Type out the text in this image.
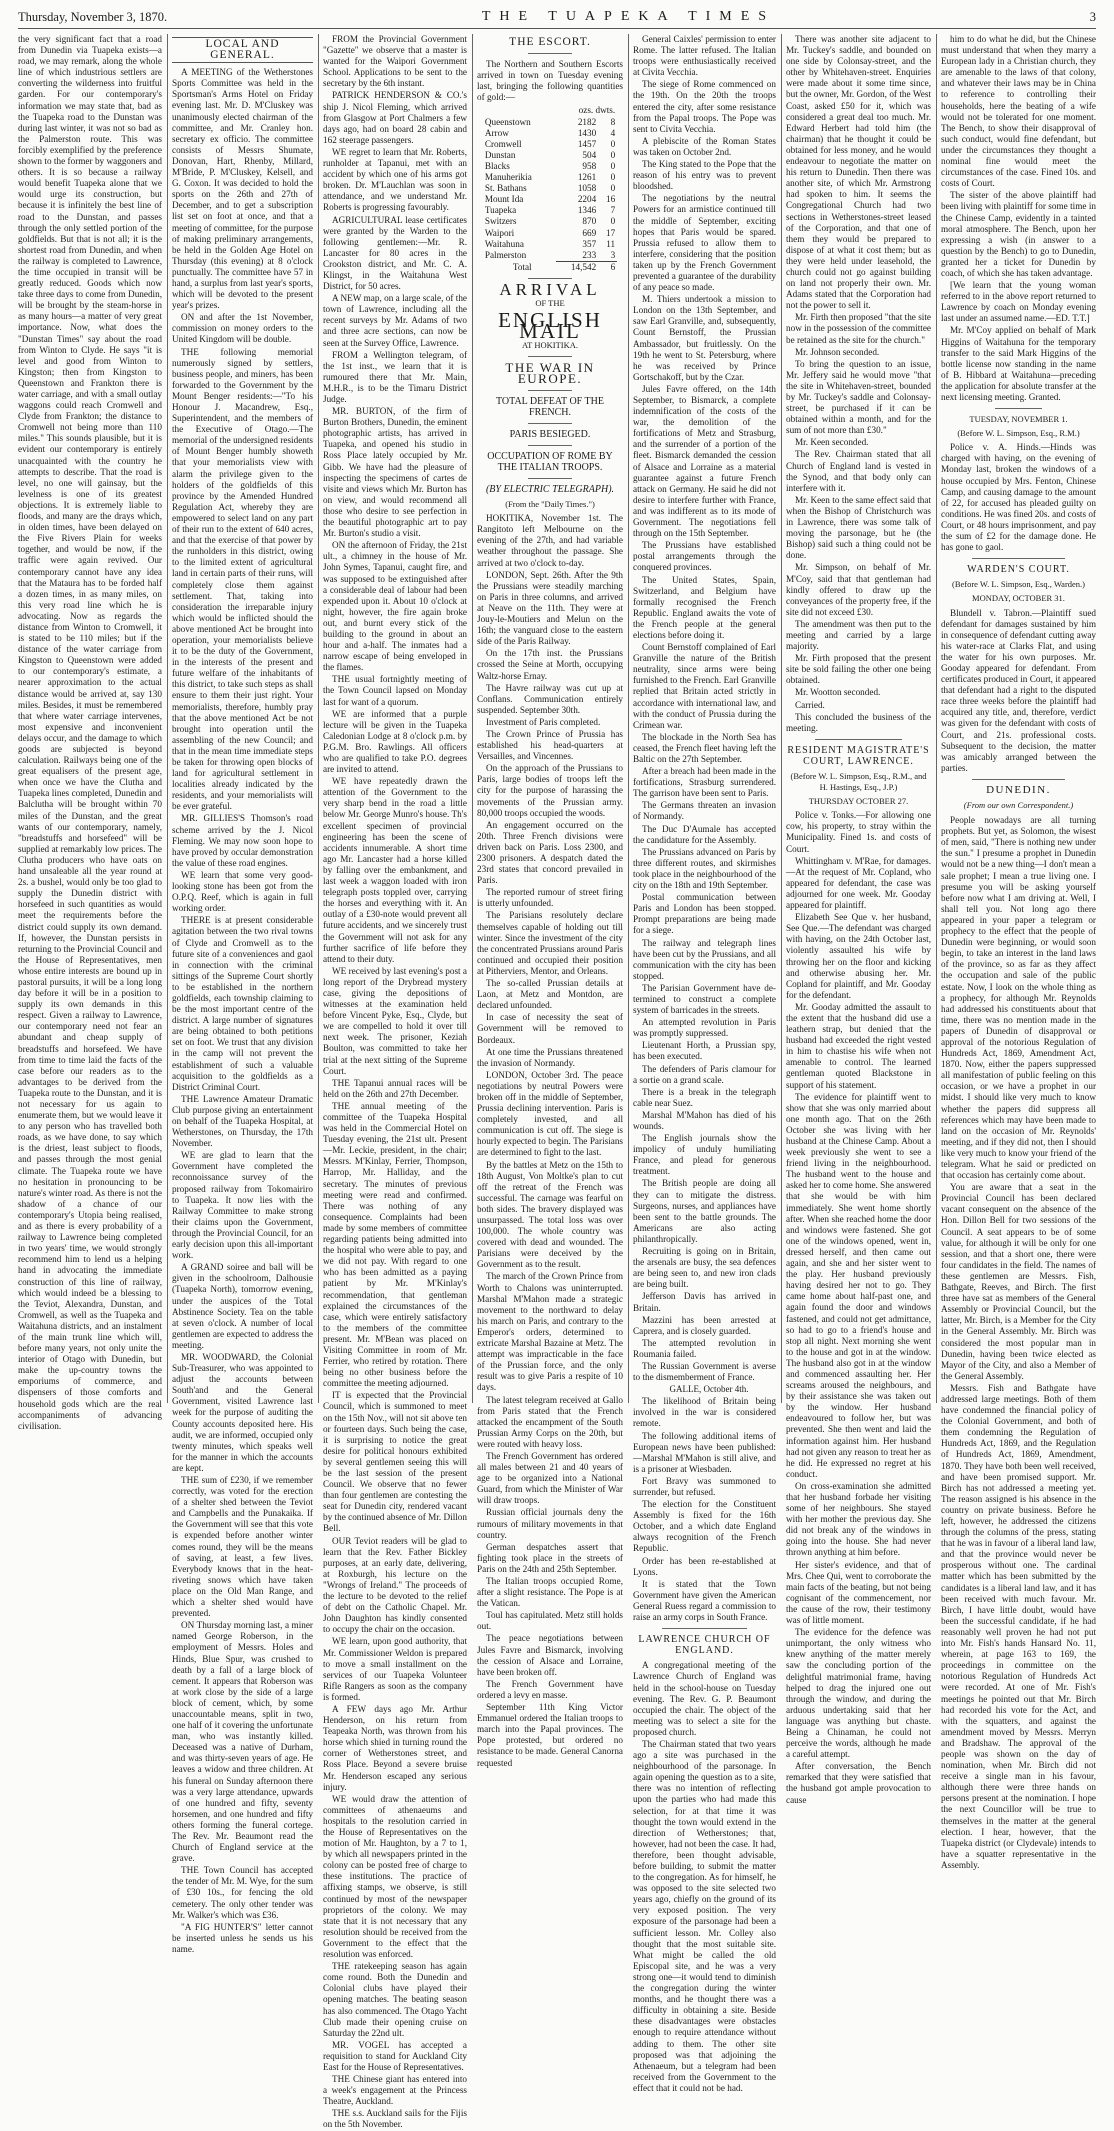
Thursday, November 3, 1870.	THE TUAPEKA TIMES	3

the very significant fact that a road from Dunedin via Tuapeka exists—a road, we may remark, along the whole line of which industrious settlers are converting the wilderness into fruitful garden. For our contemporary's information we may state that, bad as the Tuapeka road to the Dunstan was during last winter, it was not so bad as the Palmerston route. This was forcibly exemplified by the preference shown to the former by waggoners and others. It is so because a railway would benefit Tuapeka alone that we would urge its construction, but because it is infinitely the best line of road to the Dunstan, and passes through the only settled portion of the goldfields. But that is not all; it is the shortest road from Dunedin, and when the railway is completed to Lawrence, the time occupied in transit will be greatly reduced. Goods which now take three days to come from Dunedin, will be brought by the steam-horse in as many hours—a matter of very great importance. Now, what does the "Dunstan Times" say about the road from Winton to Clyde. He says "it is level and good from Winton to Kingston; then from Kingston to Queenstown and Frankton there is water carriage, and with a small outlay waggons could reach Cromwell and Clyde from Frankton; the distance to Cromwell not being more than 110 miles." This sounds plausible, but it is evident our contemporary is entirely unacquainted with the country he attempts to describe. That the road is level, no one will gainsay, but the levelness is one of its greatest objections. It is extremely liable to floods, and many are the drays which, in olden times, have been delayed on the Five Rivers Plain for weeks together, and would be now, if the traffic were again revived. Our contemporary cannot have any idea that the Mataura has to be forded half a dozen times, in as many miles, on this very road line which he is advocating. Now as regards the distance from Winton to Cromwell, it is stated to be 110 miles; but if the distance of the water carriage from Kingston to Queenstown were added to our contemporary's estimate, a nearer approximation to the actual distance would be arrived at, say 130 miles. Besides, it must be remembered that where water carriage intervenes, most expensive and inconvenient delays occur, and the damage to which goods are subjected is beyond calculation. Railways being one of the great equalisers of the present age, when once we have the Clutha and Tuapeka lines completed, Dunedin and Balclutha will be brought within 70 miles of the Dunstan, and the great wants of our contemporary, namely, "breadstuffs and horsefeed" will be supplied at remarkably low prices. The Clutha producers who have oats on hand unsaleable all the year round at 2s. a bushel, would only be too glad to supply the Dunedin district with horsefeed in such quantities as would meet the requirements before the district could supply its own demand. If, however, the Dunstan persists in returning to the Provincial Council and the House of Representatives, men whose entire interests are bound up in pastoral pursuits, it will be a long long day before it will be in a position to supply its own demands in this respect. Given a railway to Lawrence, our contemporary need not fear an abundant and cheap supply of breadstuffs and horsefeed. We have from time to time laid the facts of the case before our readers as to the advantages to be derived from the Tuapeka route to the Dunstan, and it is not necessary for us again to enumerate them, but we would leave it to any person who has travelled both roads, as we have done, to say which is the driest, least subject to floods, and passes through the most genial climate. The Tuapeka route we have no hesitation in pronouncing to be nature's winter road. As there is not the shadow of a chance of our contemporary's Utopia being realised, and as there is every probability of a railway to Lawrence being completed in two years' time, we would strongly recommend him to lend us a helping hand in advocating the immediate construction of this line of railway, which would indeed be a blessing to the Teviot, Alexandra, Dunstan, and Cromwell, as well as the Tuapeka and Waitahuna districts, and an instalment of the main trunk line which will, before many years, not only unite the interior of Otago with Dunedin, but make the up-country towns the emporiums of commerce, and dispensers of those comforts and household gods which are the real accompaniments of advancing civilisation.

LOCAL AND GENERAL.

A MEETING of the Wetherstones Sports Committee was held in the Sportsman's Arms Hotel on Friday evening last. Mr. D. M'Cluskey was unanimously elected chairman of the committee, and Mr. Cranley hon. secretary ex officio. The committee consists of Messrs Shumate, Donovan, Hart, Rhenby, Millard, M'Bride, P. M'Cluskey, Kelsell, and G. Coxon. It was decided to hold the sports on the 26th and 27th of December, and to get a subscription list set on foot at once, and that a meeting of committee, for the purpose of making preliminary arrangements, be held in the Golden Age Hotel on Thursday (this evening) at 8 o'clock punctually. The committee have 57 in hand, a surplus from last year's sports, which will be devoted to the present year's prizes.

ON and after the 1st November, commission on money orders to the United Kingdom will be double.

THE following memorial numerously signed by settlers, business people, and miners, has been forwarded to the Government by the Mount Benger residents:—"To his Honour J. Macandrew, Esq., Superintendent, and the members of the Executive of Otago.—The memorial of the undersigned residents of Mount Benger humbly showeth that your memorialists view with alarm the privilege given to the holders of the goldfields of this province by the Amended Hundred Regulation Act, whereby they are empowered to select land on any part of their run to the extent of 640 acres, and that the exercise of that power by the runholders in this district, owing to the limited extent of agricultural land in certain parts of their runs, will completely close them against settlement. That, taking into consideration the irreparable injury which would be inflicted should the above mentioned Act be brought into operation, your memorialists believe it to be the duty of the Government, in the interests of the present and future welfare of the inhabitants of this district, to take such steps as shall ensure to them their just right. Your memorialists, therefore, humbly pray that the above mentioned Act be not brought into operation until the assembling of the new Council; and that in the mean time immediate steps be taken for throwing open blocks of land for agricultural settlement in localities already indicated by the residents, and your memorialists will be ever grateful.

MR. GILLIES'S Thomson's road scheme arrived by the J. Nicol Fleming. We may now soon hope to have proved by occular demonstration the value of these road engines.

WE learn that some very good-looking stone has been got from the O.P.Q. Reef, which is again in full working order.

THERE is at present considerable agitation between the two rival towns of Clyde and Cromwell as to the future site of a conveniences and gaol in connection with the criminal sittings of the Supreme Court shortly to be established in the northern goldfields, each township claiming to be the most important centre of the district. A large number of signatures are being obtained to both petitions set on foot. We trust that any division in the camp will not prevent the establishment of such a valuable acquisition to the goldfields as a District Criminal Court.

THE Lawrence Amateur Dramatic Club purpose giving an entertainment on behalf of the Tuapeka Hospital, at Wetherstones, on Thursday, the 17th November.

WE are glad to learn that the Government have completed the reconnoissance survey of the proposed railway from Tokomairiro to Tuapeka. It now lies with the Railway Committee to make strong their claims upon the Government, through the Provincial Council, for an early decision upon this all-important work.

A GRAND soiree and ball will be given in the schoolroom, Dalhousie (Tuapeka North), tomorrow evening, under the auspices of the Total Abstinence Society. Tea on the table at seven o'clock. A number of local gentlemen are expected to address the meeting.

MR. WOODWARD, the Colonial Sub-Treasurer, who was appointed to adjust the accounts between South'and and the General Government, visited Lawrence last week for the purpose of auditing the County accounts deposited here. His audit, we are informed, occupied only twenty minutes, which speaks well for the manner in which the accounts are kept.

THE sum of £230, if we remember correctly, was voted for the erection of a shelter shed between the Teviot and Campbells and the Punakaika. If the Government will see that this vote is expended before another winter comes round, they will be the means of saving, at least, a few lives. Everybody knows that in the heat-riveting snows which have taken place on the Old Man Range, and which a shelter shed would have prevented.

ON Thursday morning last, a miner named George Roberson, in the employment of Messrs. Holes and Hinds, Blue Spur, was crushed to death by a fall of a large block of cement. It appears that Roberson was at work close by the side of a large block of cement, which, by some unaccountable means, split in two, one half of it covering the unfortunate man, who was instantly killed. Deceased was a native of Durham, and was thirty-seven years of age. He leaves a widow and three children. At his funeral on Sunday afternoon there was a very large attendance, upwards of one hundred and fifty, seventy horsemen, and one hundred and fifty others forming the funeral cortege. The Rev. Mr. Beaumont read the Church of England service at the grave.

THE Town Council has accepted the tender of Mr. M. Wye, for the sum of £30 10s., for fencing the old cemetery. The only other tender was Mr. Walker's which was £36.

"A FIG HUNTER'S" letter cannot be inserted unless he sends us his name.

FROM the Provincial Government "Gazette" we observe that a master is wanted for the Waipori Government School. Applications to be sent to the secretary by the 6th instant.

PATRICK HENDERSON & CO.'s ship J. Nicol Fleming, which arrived from Glasgow at Port Chalmers a few days ago, had on board 28 cabin and 162 steerage passengers.

WE regret to learn that Mr. Roberts, runholder at Tapanui, met with an accident by which one of his arms got broken. Dr. M'Lauchlan was soon in attendance, and we understand Mr. Roberts is progressing favourably.

AGRICULTURAL lease certificates were granted by the Warden to the following gentlemen:—Mr. R. Lancaster for 80 acres in the Crookston district, and Mr. C. A. Klingst, in the Waitahuna West District, for 50 acres.

A NEW map, on a large scale, of the town of Lawrence, including all the recent surveys by Mr. Adams of two and three acre sections, can now be seen at the Survey Office, Lawrence.

FROM a Wellington telegram, of the 1st inst., we learn that it is rumoured there that Mr. Main, M.H.R., is to be the Timaru District Judge.

MR. BURTON, of the firm of Burton Brothers, Dunedin, the eminent photographic artists, has arrived in Tuapeka, and opened his studio in Ross Place lately occupied by Mr. Gibb. We have had the pleasure of inspecting the specimens of cartes de visite and views which Mr. Burton has on view, and would recommend all those who desire to see perfection in the beautiful photographic art to pay Mr. Burton's studio a visit.

ON the afternoon of Friday, the 21st ult., a chimney in the house of Mr. John Symes, Tapanui, caught fire, and was supposed to be extinguished after a considerable deal of labour had been expended upon it. About 10 o'clock at night, however, the fire again broke out, and burnt every stick of the building to the ground in about an hour and a-half. The inmates had a narrow escape of being enveloped in the flames.

THE usual fortnightly meeting of the Town Council lapsed on Monday last for want of a quorum.

WE are informed that a purple lecture will be given in the Tuapeka Caledonian Lodge at 8 o'clock p.m. by P.G.M. Bro. Rawlings. All officers who are qualified to take P.O. degrees are invited to attend.

WE have repeatedly drawn the attention of the Government to the very sharp bend in the road a little below Mr. George Munro's house. Th's excellent specimen of provincial engineering has been the scene of accidents innumerable. A short time ago Mr. Lancaster had a horse killed by falling over the embankment, and last week a waggon loaded with iron telegraph posts toppled over, carrying the horses and everything with it. An outlay of a £30-note would prevent all future accidents, and we sincerely trust the Government will not ask for any further sacrifice of life before they attend to their duty.

WE received by last evening's post a long report of the Drybread mystery case, giving the depositions of witnesses at the examination held before Vincent Pyke, Esq., Clyde, but we are compelled to hold it over till next week. The prisoner, Keziah Boulton, was committed to take her trial at the next sitting of the Supreme Court.

THE Tapanui annual races will be held on the 26th and 27th December.

THE annual meeting of the committee of the Tuapeka Hospital was held in the Commercial Hotel on Tuesday evening, the 21st ult. Present—Mr. Leckie, president, in the chair; Messrs. M'Kinlay, Ferrier, Thompson, Harrop, Mr. Halliday, and the secretary. The minutes of previous meeting were read and confirmed. There was nothing of any consequence. Complaints had been made by some members of committee regarding patients being admitted into the hospital who were able to pay, and we did not pay. With regard to one who has been admitted as a paying patient by Mr. M'Kinlay's recommendation, that gentleman explained the circumstances of the case, which were entirely satisfactory to the members of the committee present. Mr. M'Bean was placed on Visiting Committee in room of Mr. Ferrier, who retired by rotation. There being no other business before the committee the meeting adjourned.

IT is expected that the Provincial Council, which is summoned to meet on the 15th Nov., will not sit above ten or fourteen days. Such being the case, it is surprising to notice the great desire for political honours exhibited by several gentlemen seeing this will be the last session of the present Council. We observe that no fewer than four gentlemen are contesting the seat for Dunedin city, rendered vacant by the continued absence of Mr. Dillon Bell.

OUR Teviot readers will be glad to learn that the Rev. Father Bickley purposes, at an early date, delivering, at Roxburgh, his lecture on the "Wrongs of Ireland." The proceeds of the lecture to be devoted to the relief of debt on the Catholic Chapel. Mr. John Daughton has kindly consented to occupy the chair on the occasion.

WE learn, upon good authority, that Mr. Commissioner Weldon is prepared to move a small installment on the services of our Tuapeka Volunteer Rifle Rangers as soon as the company is formed.

A FEW days ago Mr. Arthur Henderson, on his return from Teapeaka North, was thrown from his horse which shied in turning round the corner of Wetherstones street, and Ross Place. Beyond a severe bruise Mr. Henderson escaped any serious injury.

WE would draw the attention of committees of athenaeums and hospitals to the resolution carried in the House of Representatives on the motion of Mr. Haughton, by a 7 to 1, by which all newspapers printed in the colony can be posted free of charge to these institutions. The practice of affixing stamps, we observe, is still continued by most of the newspaper proprietors of the colony. We may state that it is not necessary that any resolution should be received from the Government to the effect that the resolution was enforced.

THE ratekeeping season has again come round. Both the Dunedin and Colonial clubs have played their opening matches. The beating season has also commenced. The Otago Yacht Club made their opening cruise on Saturday the 22nd ult.

MR. VOGEL has accepted a requisition to stand for Auckland City East for the House of Representatives.

THE Chinese giant has entered into a week's engagement at the Princess Theatre, Auckland.

THE s.s. Auckland sails for the Fijis on the 5th November.

THE ESCORT.

The Northern and Southern Escorts arrived in town on Tuesday evening last, bringing the following quantities of gold:—

	ozs. dwts.	
Queenstown	2182	8
Arrow	1430	4
Cromwell	1457	0
Dunstan	504	0
Blacks	958	0
Manuherikia	1261	0
St. Bathans	1058	0
Mount Ida	2204	16
Tuapeka	1346	7
Switzers	870	0
Waipori	669	17
Waitahuna	357	11
Palmerston	233	3
Total	14,542	6
ARRIVAL
OF THE
ENGLISH MAIL
AT HOKITIKA.
THE WAR IN EUROPE.
TOTAL DEFEAT OF THE FRENCH.
PARIS BESIEGED.
OCCUPATION OF ROME BY THE ITALIAN TROOPS.
(BY ELECTRIC TELEGRAPH).
(From the "Daily Times.")

HOKITIKA, November 1st. The Rangitoto left Melbourne on the evening of the 27th, and had variable weather throughout the passage. She arrived at two o'clock to-day.

LONDON, Sept. 26th. After the 9th the Prussians were steadily marching on Paris in three columns, and arrived at Neave on the 11th. They were at Jouy-le-Moutiers and Melun on the 16th; the vanguard close to the eastern side of the Paris Railway.

On the 17th inst. the Prussians crossed the Seine at Morth, occupying Waltz-horse Ernay.

The Havre railway was cut up at Conflans. Communication entirely suspended. September 30th.

Investment of Paris completed.

The Crown Prince of Prussia has established his head-quarters at Versailles, and Vincennes.

On the approach of the Prussians to Paris, large bodies of troops left the city for the purpose of harassing the movements of the Prussian army. 80,000 troops occupied the woods.

An engagement occurred on the 20th. Three French divisions were driven back on Paris. Loss 2300, and 2300 prisoners. A despatch dated the 23rd states that concord prevailed in Paris.

The reported rumour of street firing is utterly unfounded.

The Parisians resolutely declare themselves capable of holding out till winter. Since the investment of the city the concentrated Prussians around Paris continued and occupied their position at Pitherviers, Mentor, and Orleans.

The so-called Prussian details at Laon, at Metz and Montdon, are declared unfounded.

In case of necessity the seat of Government will be removed to Bordeaux.

At one time the Prussians threatened the invasion of Normandy.

LONDON, October 3rd. The peace negotiations by neutral Powers were broken off in the middle of September, Prussia declining intervention. Paris is completely invested, and all communication is cut off. The siege is hourly expected to begin. The Parisians are determined to fight to the last.

By the battles at Metz on the 15th to 18th August, Von Moltke's plan to cut off the retreat of the French was successful. The carnage was fearful on both sides. The bravery displayed was unsurpassed. The total loss was over 100,000. The whole country was covered with dead and wounded. The Parisians were deceived by the Government as to the result.

The march of the Crown Prince from Worth to Chalons was uninterrupted. Marshal M'Mahon made a strategic movement to the northward to delay his march on Paris, and contrary to the Emperor's orders, determined to extricate Marshal Bazaine at Metz. The attempt was impracticable in the face of the Prussian force, and the only result was to give Paris a respite of 10 days.

The latest telegram received at Gallo from Paris stated that the French attacked the encampment of the South Prussian Army Corps on the 20th, but were routed with heavy loss.

The French Government has ordered all males between 21 and 40 years of age to be organized into a National Guard, from which the Minister of War will draw troops.

Russian official journals deny the rumours of military movements in that country.

German despatches assert that fighting took place in the streets of Paris on the 24th and 25th September.

The Italian troops occupied Rome, after a slight resistance. The Pope is at the Vatican.

Toul has capitulated. Metz still holds out.

The peace negotiations between Jules Favre and Bismarck, involving the cession of Alsace and Lorraine, have been broken off.

The French Government have ordered a levy en masse.

September 11th King Victor Emmanuel ordered the Italian troops to march into the Papal provinces. The Pope protested, but ordered no resistance to be made. General Canorna requested

General Caixles' permission to enter Rome. The latter refused. The Italian troops were enthusiastically received at Civita Vecchia.

The siege of Rome commenced on the 19th. On the 20th the troops entered the city, after some resistance from the Papal troops. The Pope was sent to Civita Vecchia.

A plebiscite of the Roman States was taken on October 2nd.

The King stated to the Pope that the reason of his entry was to prevent bloodshed.

The negotiations by the neutral Powers for an armistice continued till the middle of September, exciting hopes that Paris would be spared. Prussia refused to allow them to interfere, considering that the position taken up by the French Government prevented a guarantee of the durability of any peace so made.

M. Thiers undertook a mission to London on the 13th September, and saw Earl Granville, and, subsequently, Count Bernstoff, the Prussian Ambassador, but fruitlessly. On the 19th he went to St. Petersburg, where he was received by Prince Gortschakoff, but by the Czar.

Jules Favre offered, on the 14th September, to Bismarck, a complete indemnification of the costs of the war, the demolition of the fortifications of Metz and Strasburg, and the surrender of a portion of the fleet. Bismarck demanded the cession of Alsace and Lorraine as a material guarantee against a future French attack on Germany. He said he did not desire to interfere further with France, and was indifferent as to its mode of Government. The negotiations fell through on the 15th September.

The Prussians have established postal arrangements through the conquered provinces.

The United States, Spain, Switzerland, and Belgium have formally recognised the French Republic. England awaits the vote of the French people at the general elections before doing it.

Count Bernstoff complained of Earl Granville the nature of the British neutrality, since arms were being furnished to the French. Earl Granville replied that Britain acted strictly in accordance with international law, and with the conduct of Prussia during the Crimean war.

The blockade in the North Sea has ceased, the French fleet having left the Baltic on the 27th September.

After a breach had been made in the fortifications, Strasburg surrendered. The garrison have been sent to Paris.

The Germans threaten an invasion of Normandy.

The Duc D'Aumale has accepted the candidature for the Assembly.

The Prussians advanced on Paris by three different routes, and skirmishes took place in the neighbourhood of the city on the 18th and 19th September.

Postal communication between Paris and London has been stopped. Prompt preparations are being made for a siege.

The railway and telegraph lines have been cut by the Prussians, and all communication with the city has been stopped.

The Parisian Government have de-termined to construct a complete system of barricades in the streets.

An attempted revolution in Paris was promptly suppressed.

Lieutenant Horth, a Prussian spy, has been executed.

The defenders of Paris clamour for a sortie on a grand scale.

There is a break in the telegraph cable near Suez.

Marshal M'Mahon has died of his wounds.

The English journals show the impolicy of unduly humiliating France, and plead for generous treatment.

The British people are doing all they can to mitigate the distress. Surgeons, nurses, and appliances have been sent to the battle grounds. The Americans are also acting philanthropically.

Recruiting is going on in Britain, the arsenals are busy, the sea defences are being seen to, and new iron clads are being built.

Jefferson Davis has arrived in Britain.

Mazzini has been arrested at Caprera, and is closely guarded.

The attempted revolution in Roumania failed.

The Russian Government is averse to the dismemberment of France.

GALLE, October 4th.

The likelihood of Britain being involved in the war is considered remote.

The following additional items of European news have been published:—Marshal M'Mahon is still alive, and is a prisoner at Wiesbaden.

Fort Bravy was summoned to surrender, but refused.

The election for the Constituent Assembly is fixed for the 16th October, and a which date England always recognition of the French Republic.

Order has been re-established at Lyons.

It is stated that the Town Government have given the American General Ruess regard a commission to raise an army corps in South France.

LAWRENCE CHURCH OF ENGLAND.

A congregational meeting of the Lawrence Church of England was held in the school-house on Tuesday evening. The Rev. G. P. Beaumont occupied the chair. The object of the meeting was to select a site for the proposed church.

The Chairman stated that two years ago a site was purchased in the neighbourhood of the parsonage. In again opening the question as to a site, there was no intention of reflecting upon the parties who had made this selection, for at that time it was thought the town would extend in the direction of Wetherstones; that, however, had not been the case. It had, therefore, been thought advisable, before building, to submit the matter to the congregation. As for himself, he was opposed to the site selected two years ago, chiefly on the ground of its very exposed position. The very exposure of the parsonage had been a sufficient lesson. Mr. Colley also thought that the most suitable site. What might be called the old Episcopal site, and he was a very strong one—it would tend to diminish the congregation during the winter months, and he thought there was a difficulty in obtaining a site. Beside these disadvantages were obstacles enough to require attendance without adding to them. The other site proposed was that adjoining the Athenaeum, but a telegram had been received from the Government to the effect that it could not be had.

There was another site adjacent to Mr. Tuckey's saddle, and bounded on one side by Colonsay-street, and the other by Whitehaven-street. Enquiries were made about it some time since, but the owner, Mr. Gordon, of the West Coast, asked £50 for it, which was considered a great deal too much. Mr. Edward Herbert had told him (the chairman) that he thought it could be obtained for less money, and he would endeavour to negotiate the matter on his return to Dunedin. Then there was another site, of which Mr. Armstrong had spoken to him. It seems the Congregational Church had two sections in Wetherstones-street leased of the Corporation, and that one of them they would be prepared to dispose of at what it cost them; but as they were held under leasehold, the church could not go against building on land not properly their own. Mr. Adams stated that the Corporation had not the power to sell it.

Mr. Firth then proposed "that the site now in the possession of the committee be retained as the site for the church."

Mr. Johnson seconded.

To bring the question to an issue, Mr. Jeffery said he would move "that the site in Whitehaven-street, bounded by Mr. Tuckey's saddle and Colonsay-street, be purchased if it can be obtained within a month, and for the sum of not more than £30."

Mr. Keen seconded.

The Rev. Chairman stated that all Church of England land is vested in the Synod, and that body only can interfere with it.

Mr. Keen to the same effect said that when the Bishop of Christchurch was in Lawrence, there was some talk of moving the parsonage, but he (the Bishop) said such a thing could not be done.

Mr. Simpson, on behalf of Mr. M'Coy, said that that gentleman had kindly offered to draw up the conveyances of the property free, if the site did not exceed £30.

The amendment was then put to the meeting and carried by a large majority.

Mr. Firth proposed that the present site be sold failing the other one being obtained.

Mr. Wootton seconded.

Carried.

This concluded the business of the meeting.

RESIDENT MAGISTRATE'S COURT, LAWRENCE.
(Before W. L. Simpson, Esq., R.M., and H. Hastings, Esq., J.P.)
THURSDAY OCTOBER 27.

Police v. Tonks.—For allowing one cow, his property, to stray within the Municipality. Fined 1s. and costs of Court.

Whittingham v. M'Rae, for damages. —At the request of Mr. Copland, who appeared for defendant, the case was adjourned for one week. Mr. Gooday appeared for plaintiff.

Elizabeth See Que v. her husband, See Que.—The defendant was charged with having, on the 24th October last, violently assaulted his wife by throwing her on the floor and kicking and otherwise abusing her. Mr. Copland for plaintiff, and Mr. Gooday for the defendant.

Mr. Gooday admitted the assault to the extent that the husband did use a leathern strap, but denied that the husband had exceeded the right vested in him to chastise his wife when not amenable to control. The learned gentleman quoted Blackstone in support of his statement.

The evidence for plaintiff went to show that she was only married about one month ago. That on the 26th October she was living with her husband at the Chinese Camp. About a week previously she went to see a friend living in the neighbourhood. The husband went to the house and asked her to come home. She answered that she would be with him immediately. She went home shortly after. When she reached home the door and windows were fastened. She got one of the windows opened, went in, dressed herself, and then came out again, and she and her sister went to the play. Her husband previously having desired her not to go. They came home about half-past one, and again found the door and windows fastened, and could not get admittance, so had to go to a friend's house and stop all night. Next morning she went to the house and got in at the window. The husband also got in at the window and commenced assaulting her. Her screams aroused the neighbours, and by their assistance she was taken out by the window. Her husband endeavoured to follow her, but was prevented. She then went and laid the information against him. Her husband had not given any reason to treat her as he did. He expressed no regret at his conduct.

On cross-examination she admitted that her husband forbade her visiting some of her neighbours. She stayed with her mother the previous day. She did not break any of the windows in going into the house. She had never thrown anything at him before.

Her sister's evidence, and that of Mrs. Chee Qui, went to corroborate the main facts of the beating, but not being cognisant of the commencement, nor the cause of the row, their testimony was of little moment.

The evidence for the defence was unimportant, the only witness who knew anything of the matter merely saw the concluding portion of the delightful matrimonial frame, having helped to drag the injured one out through the window, and during the arduous undertaking said that her language was anything but chaste. Being a Chinaman, he could not perceive the words, although he made a careful attempt.

After conversation, the Bench remarked that they were satisfied that the husband got ample provocation to cause

him to do what he did, but the Chinese must understand that when they marry a European lady in a Christian church, they are amenable to the laws of that colony, and whatever their laws may be in China to reference to controlling their households, here the beating of a wife would not be tolerated for one moment. The Bench, to show their disapproval of such conduct, would fine defendant, but under the circumstances they thought a nominal fine would meet the circumstances of the case. Fined 10s. and costs of Court.

The sister of the above plaintiff had been living with plaintiff for some time in the Chinese Camp, evidently in a tainted moral atmosphere. The Bench, upon her expressing a wish (in answer to a question by the Bench) to go to Dunedin, granted her a ticket for Dunedin by coach, of which she has taken advantage.

[We learn that the young woman referred to in the above report returned to Lawrence by coach on Monday evening last under an assumed name.—ED. T.T.]

Mr. M'Coy applied on behalf of Mark Higgins of Waitahuna for the temporary transfer to the said Mark Higgins of the bottle license now standing in the name of B. Hibbard at Waitahuna—preceding the application for absolute transfer at the next licensing meeting. Granted.

TUESDAY, NOVEMBER 1.
(Before W. L. Simpson, Esq., R.M.)

Police v. A. Hinds.—Hinds was charged with having, on the evening of Monday last, broken the windows of a house occupied by Mrs. Fenton, Chinese Camp, and causing damage to the amount of 22, for accused has pleaded guilty on conditions. He was fined 20s. and costs of Court, or 48 hours imprisonment, and pay the sum of £2 for the damage done. He has gone to gaol.

WARDEN'S COURT.
(Before W. L. Simpson, Esq., Warden.)
MONDAY, OCTOBER 31.

Blundell v. Tabron.—Plaintiff sued defendant for damages sustained by him in consequence of defendant cutting away his water-race at Clarks Flat, and using the water for his own purposes. Mr. Gooday appeared for defendant. From certificates produced in Court, it appeared that defendant had a right to the disputed race three weeks before the plaintiff had acquired any title, and, therefore, verdict was given for the defendant with costs of Court, and 21s. professional costs. Subsequent to the decision, the matter was amicably arranged between the parties.

DUNEDIN.
(From our own Correspondent.)

People nowadays are all turning prophets. But yet, as Solomon, the wisest of men, said, "There is nothing new under the sun." I presume a prophet in Dunedin would not be a new thing—I don't mean a sale prophet; I mean a true living one. I presume you will be asking yourself before now what I am driving at. Well, I shall tell you. Not long ago there appeared in your paper a telegram or prophecy to the effect that the people of Dunedin were beginning, or would soon begin, to take an interest in the land laws of the province, so as far as they affect the occupation and sale of the public estate. Now, I look on the whole thing as a prophecy, for although Mr. Reynolds had addressed his constituents about that time, there was no mention made in the papers of Dunedin of disapproval or approval of the notorious Regulation of Hundreds Act, 1869, Amendment Act, 1870. Now, either the papers suppressed all manifestation of public feeling on this occasion, or we have a prophet in our midst. I should like very much to know whether the papers did suppress all references which may have been made to land on the occasion of Mr. Reynolds' meeting, and if they did not, then I should like very much to know your friend of the telegram. What he said or predicted on that occasion has certainly come about.

You are aware that a seat in the Provincial Council has been declared vacant consequent on the absence of the Hon. Dillon Bell for two sessions of the Council. A seat appears to be of some value, for although it will be only for one session, and that a short one, there were four candidates in the field. The names of these gentlemen are Messrs. Fish, Bathgate, Reeves, and Birch. The first three have sat as members of the General Assembly or Provincial Council, but the latter, Mr. Birch, is a Member for the City in the General Assembly. Mr. Birch was considered the most popular man in Dunedin, having been twice elected as Mayor of the City, and also a Member of the General Assembly.

Messrs. Fish and Bathgate have addressed large meetings. Both of them have condemned the financial policy of the Colonial Government, and both of them condemning the Regulation of Hundreds Act, 1869, and the Regulation of Hundreds Act, 1869, Amendment, 1870. They have both been well received, and have been promised support. Mr. Birch has not addressed a meeting yet. The reason assigned is his absence in the country on private business. Before he left, however, he addressed the citizens through the columns of the press, stating that he was in favour of a liberal land law, and that the province would never be prosperous without one. The cardinal matter which has been submitted by the candidates is a liberal land law, and it has been received with much favour. Mr. Birch, I have little doubt, would have been the successful candidate, if he had reasonably well proven he had not put into Mr. Fish's hands Hansard No. 11, wherein, at page 163 to 169, the proceedings in committee on the notorious Regulation of Hundreds Act were recorded. At one of Mr. Fish's meetings he pointed out that Mr. Birch had recorded his vote for the Act, and with the squatters, and against the amendment moved by Messrs. Merryn and Bradshaw. The approval of the people was shown on the day of nomination, when Mr. Birch did not receive a single man in his favour, although there were three hands on persons present at the nomination. I hope the next Councillor will be true to themselves in the matter at the general election. I hear, however, that the Tuapeka district (or Clydevale) intends to have a squatter representative in the Assembly.
